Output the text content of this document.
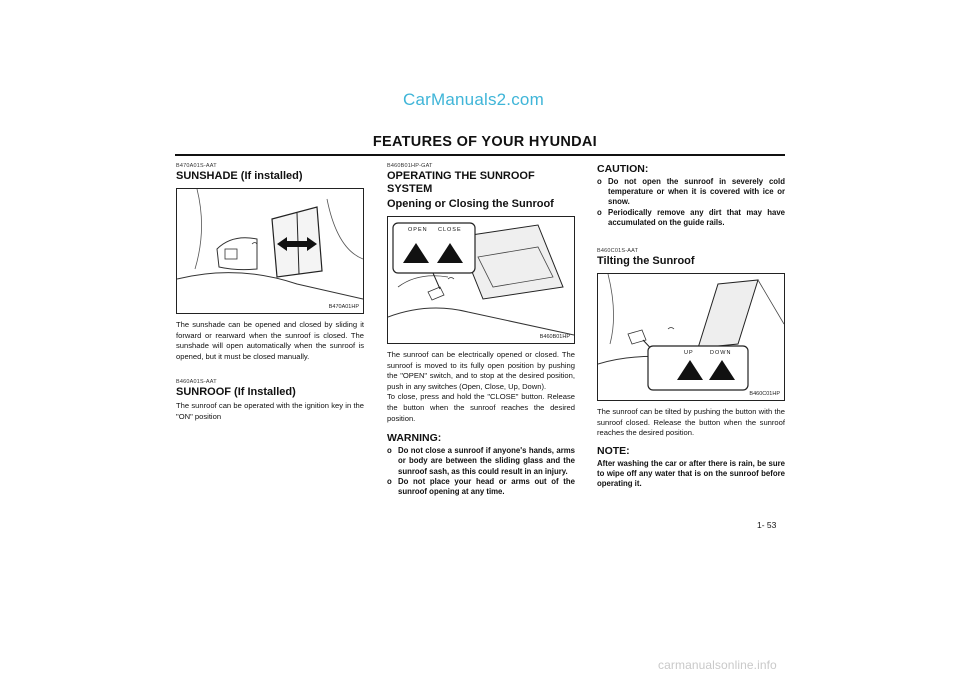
CarManuals2.com
FEATURES OF YOUR HYUNDAI

B470A01S-AAT

SUNSHADE (If installed)

B470A01HP

The sunshade can be opened and closed by sliding it forward or rearward when the sunroof is closed. The sunshade will open automatically when the sunroof is opened, but it must be closed manually.

B460A01S-AAT

SUNROOF (If Installed)

The sunroof can be operated with the ignition key in the "ON" position

B460B01HP-GAT

OPERATING THE SUNROOF SYSTEM

Opening or Closing the Sunroof

OPEN CLOSE
B460B01HP

The sunroof can be electrically opened or closed. The sunroof is moved to its fully open position by pushing the "OPEN" switch, and to stop at the desired position, push in any switches (Open, Close, Up, Down).

To close, press and hold the "CLOSE" button. Release the button when the sunroof reaches the desired position.

WARNING:

o Do not close a sunroof if anyone's hands, arms or body are between the sliding glass and the sunroof sash, as this could result in an injury.
o Do not place your head or arms out of the sunroof opening at any time.

CAUTION:

o Do not open the sunroof in severely cold temperature or when it is covered with ice or snow.
o Periodically remove any dirt that may have accumulated on the guide rails.

B460C01S-AAT

Tilting the Sunroof

UP	DOWN
B460C01HP

The sunroof can be tilted by pushing the button with the sunroof closed. Release the button when the sunroof reaches the desired position.

NOTE:

After washing the car or after there is rain, be sure to wipe off any water that is on the sunroof before operating it.

1- 53
carmanualsonline.info
